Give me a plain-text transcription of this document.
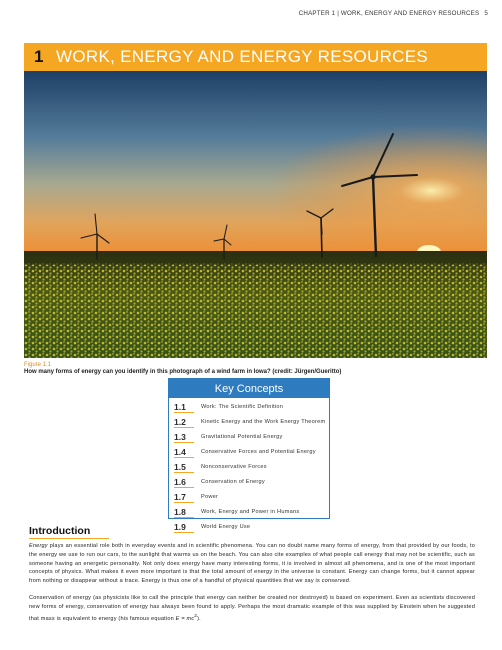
CHAPTER 1 | WORK, ENERGY AND ENERGY RESOURCES 5
1 WORK, ENERGY AND ENERGY RESOURCES
Figure 1.1
How many forms of energy can you identify in this photograph of a wind farm in Iowa? (credit: Jürgen/Gueritto)
Key Concepts
1.1	Work: The Scientific Definition
1.2	Kinetic Energy and the Work Energy Theorem
1.3	Gravitational Potential Energy
1.4	Conservative Forces and Potential Energy
1.5	Nonconservative Forces
1.6	Conservation of Energy
1.7	Power
1.8	Work, Energy and Power in Humans
1.9	World Energy Use
Introduction

Energy plays an essential role both in everyday events and in scientific phenomena. You can no doubt name many forms of energy, from that provided by our foods, to the energy we use to run our cars, to the sunlight that warms us on the beach. You can also cite examples of what people call energy that may not be scientific, such as someone having an energetic personality. Not only does energy have many interesting forms, it is involved in almost all phenomena, and is one of the most important concepts of physics. What makes it even more important is that the total amount of energy in the universe is constant. Energy can change forms, but it cannot appear from nothing or disappear without a trace. Energy is thus one of a handful of physical quantities that we say is conserved.

Conservation of energy (as physicists like to call the principle that energy can neither be created nor destroyed) is based on experiment. Even as scientists discovered new forms of energy, conservation of energy has always been found to apply. Perhaps the most dramatic example of this was supplied by Einstein when he suggested that mass is equivalent to energy (his famous equation $E = mc^2$).
